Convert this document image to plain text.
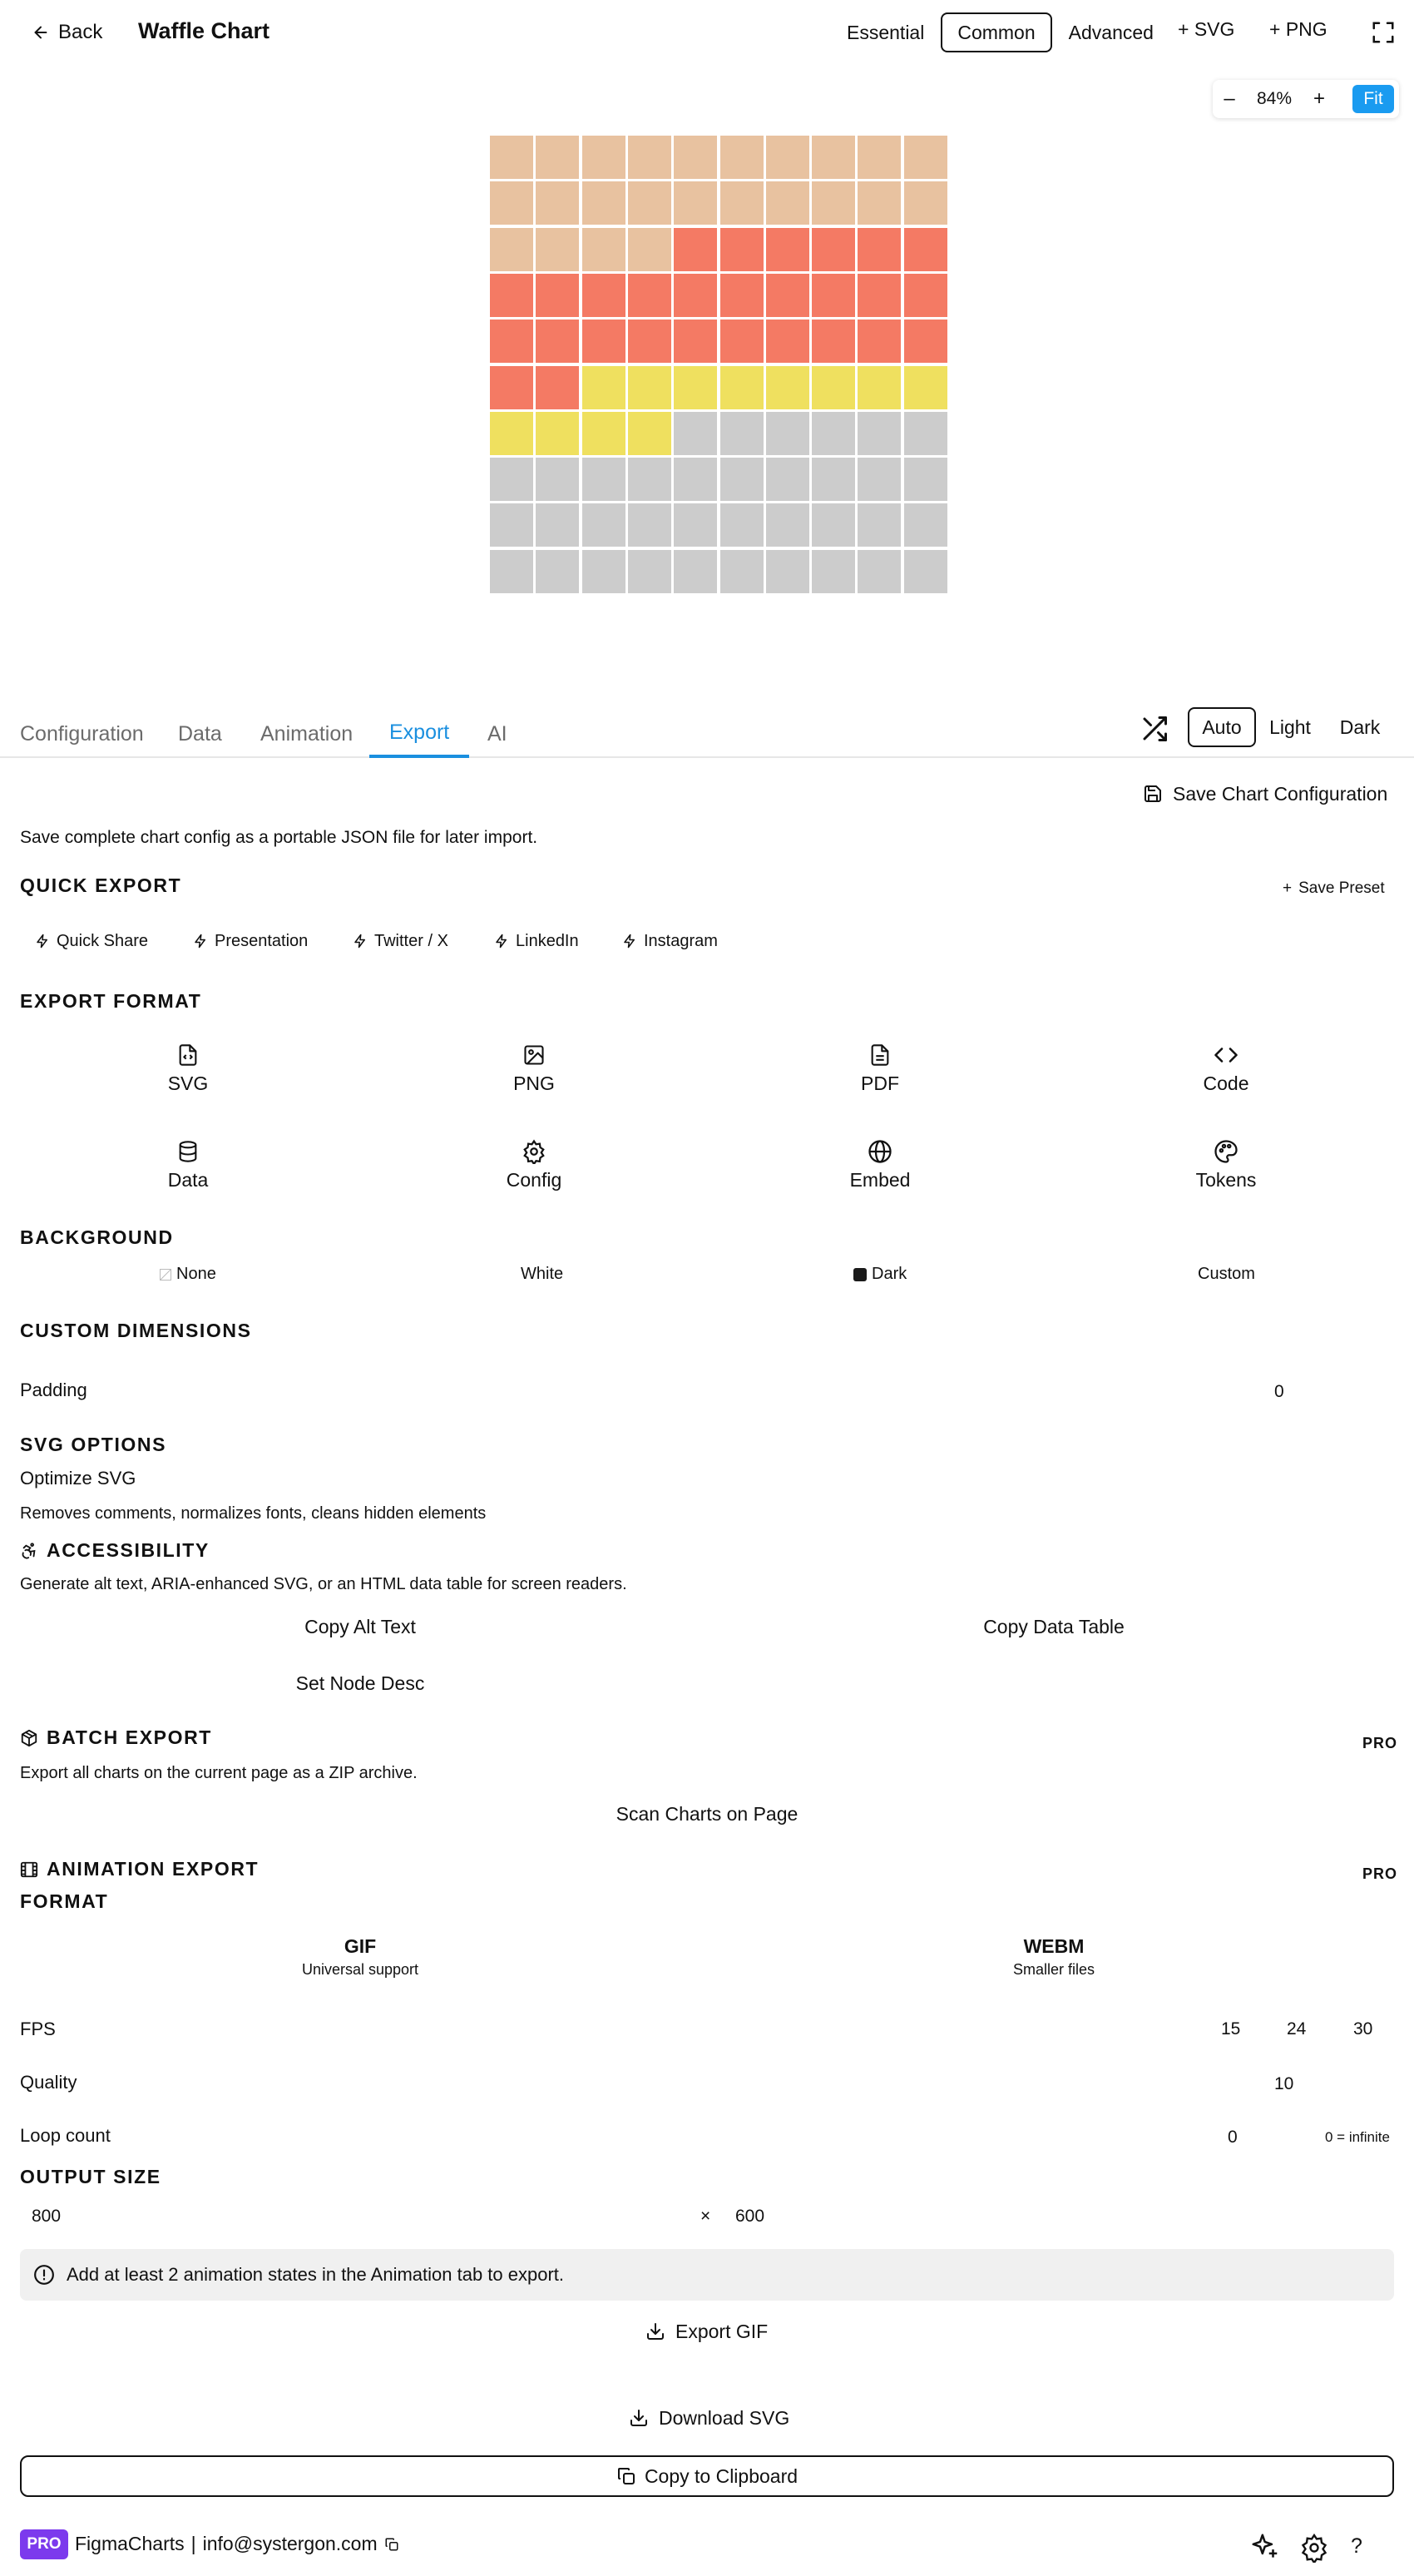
Back Waffle Chart	Essential	Common	Advanced	+ SVG + PNG
–	84%	+	Fit
Configuration Data Animation	Export	AI	Auto	Light	Dark
Save Chart Configuration
Save complete chart config as a portable JSON file for later import.
QUICK EXPORT	+ Save Preset
Quick Share	Presentation	Twitter / X	LinkedIn	Instagram
EXPORT FORMAT
SVG	PNG	PDF	Code
Data	Config	Embed	Tokens
BACKGROUND
None	White	Dark	Custom
CUSTOM DIMENSIONS
Padding	0
SVG OPTIONS
Optimize SVG
Removes comments, normalizes fonts, cleans hidden elements
ACCESSIBILITY
Generate alt text, ARIA-enhanced SVG, or an HTML data table for screen readers.
Copy Alt Text	Copy Data Table
Set Node Desc
BATCH EXPORT	PRO
Export all charts on the current page as a ZIP archive.
Scan Charts on Page
ANIMATION EXPORT	PRO
FORMAT
GIF
Universal support
WEBM
Smaller files
FPS	15	24	30
Quality	10
Loop count	0	0 = infinite
OUTPUT SIZE
800	× 600
Add at least 2 animation states in the Animation tab to export.
Export GIF
Download SVG
Copy to Clipboard
PRO FigmaCharts | info@systergon.com	?
